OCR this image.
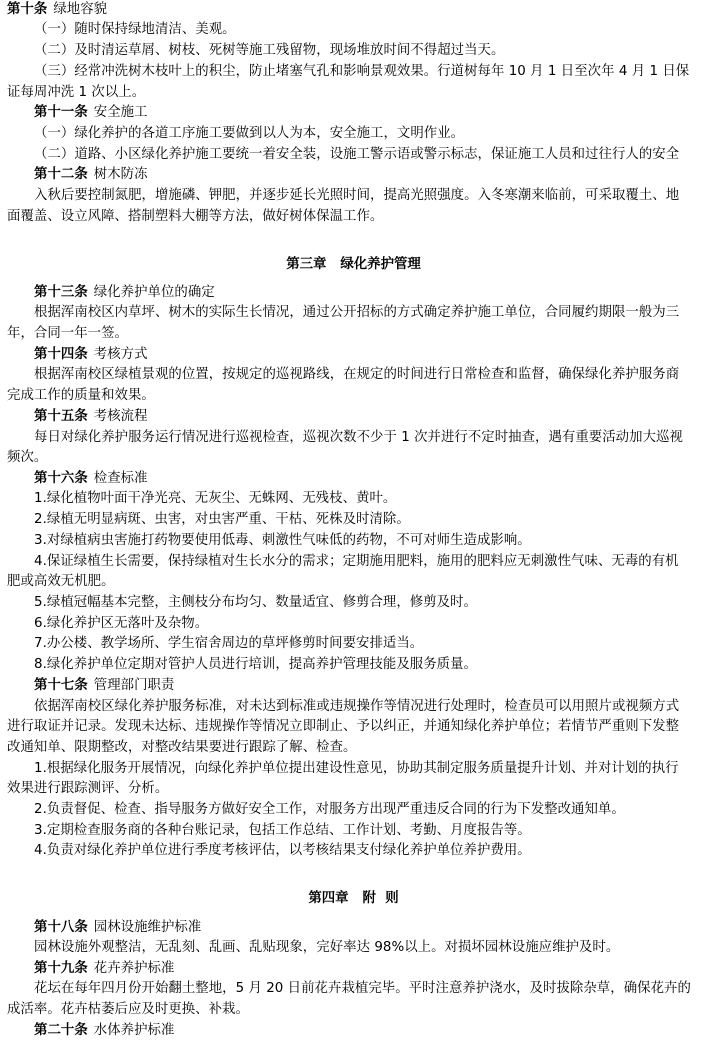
第十条 绿地容貌
（一）随时保持绿地清洁、美观。
（二）及时清运草屑、树枝、死树等施工残留物，现场堆放时间不得超过当天。
（三）经常冲洗树木枝叶上的积尘，防止堵塞气孔和影响景观效果。行道树每年 10 月 1 日至次年 4 月 1 日保
证每周冲洗 1 次以上。
第十一条 安全施工
（一）绿化养护的各道工序施工要做到以人为本，安全施工，文明作业。
（二）道路、小区绿化养护施工要统一着安全装，设施工警示语或警示标志，保证施工人员和过往行人的安全
第十二条 树木防冻
入秋后要控制氮肥，增施磷、钾肥，并逐步延长光照时间，提高光照强度。入冬寒潮来临前，可采取覆土、地
面覆盖、设立风障、搭制塑料大棚等方法，做好树体保温工作。
第三章   绿化养护管理
第十三条 绿化养护单位的确定
根据浑南校区内草坪、树木的实际生长情况，通过公开招标的方式确定养护施工单位，合同履约期限一般为三
年，合同一年一签。
第十四条 考核方式
根据浑南校区绿植景观的位置，按规定的巡视路线，在规定的时间进行日常检查和监督，确保绿化养护服务商
完成工作的质量和效果。
第十五条 考核流程
每日对绿化养护服务运行情况进行巡视检查，巡视次数不少于 1 次并进行不定时抽查，遇有重要活动加大巡视
频次。
第十六条 检查标准
1.绿化植物叶面干净光亮、无灰尘、无蛛网、无残枝、黄叶。
2.绿植无明显病斑、虫害，对虫害严重、干枯、死株及时清除。
3.对绿植病虫害施打药物要使用低毒、刺激性气味低的药物，不可对师生造成影响。
4.保证绿植生长需要，保持绿植对生长水分的需求；定期施用肥料，施用的肥料应无刺激性气味、无毒的有机
肥或高效无机肥。
5.绿植冠幅基本完整，主侧枝分布均匀、数量适宜、修剪合理，修剪及时。
6.绿化养护区无落叶及杂物。
7.办公楼、教学场所、学生宿舍周边的草坪修剪时间要安排适当。
8.绿化养护单位定期对管护人员进行培训，提高养护管理技能及服务质量。
第十七条 管理部门职责
依据浑南校区绿化养护服务标准，对未达到标准或违规操作等情况进行处理时，检查员可以用照片或视频方式
进行取证并记录。发现未达标、违规操作等情况立即制止、予以纠正，并通知绿化养护单位；若情节严重则下发整
改通知单、限期整改，对整改结果要进行跟踪了解、检查。
1.根据绿化服务开展情况，向绿化养护单位提出建设性意见，协助其制定服务质量提升计划、并对计划的执行
效果进行跟踪测评、分析。
2.负责督促、检查、指导服务方做好安全工作，对服务方出现严重违反合同的行为下发整改通知单。
3.定期检查服务商的各种台账记录，包括工作总结、工作计划、考勤、月度报告等。
4.负责对绿化养护单位进行季度考核评估，以考核结果支付绿化养护单位养护费用。
第四章   附  则
第十八条 园林设施维护标准
园林设施外观整洁，无乱刻、乱画、乱贴现象，完好率达 98%以上。对损坏园林设施应维护及时。
第十九条 花卉养护标准
花坛在每年四月份开始翻土整地，5 月 20 日前花卉栽植完毕。平时注意养护浇水，及时拔除杂草，确保花卉的
成活率。花卉枯萎后应及时更换、补栽。
第二十条 水体养护标准
